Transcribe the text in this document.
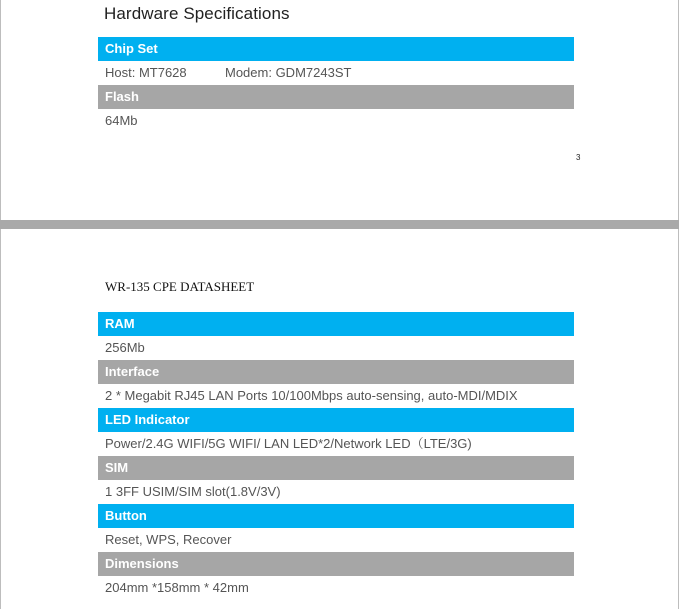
Hardware Specifications
Chip Set
Host: MT7628	Modem: GDM7243ST
Flash
64Mb
3
WR-135 CPE DATASHEET
RAM
256Mb
Interface
2 * Megabit RJ45 LAN Ports 10/100Mbps auto-sensing, auto-MDI/MDIX
LED Indicator
Power/2.4G WIFI/5G WIFI/ LAN LED*2/Network LED（LTE/3G)
SIM
1 3FF USIM/SIM slot(1.8V/3V)
Button
Reset, WPS, Recover
Dimensions
204mm *158mm * 42mm
